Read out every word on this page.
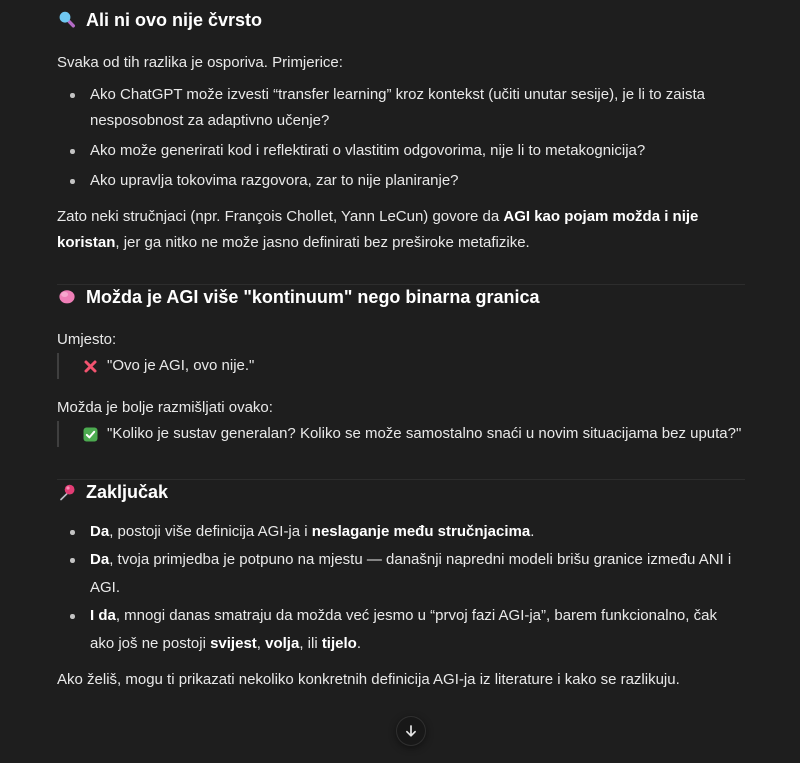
Ali ni ovo nije čvrsto

Svaka od tih razlika je osporiva. Primjerice:

Ako ChatGPT može izvesti “transfer learning” kroz kontekst (učiti unutar sesije), je li to zaista nesposobnost za adaptivno učenje?
Ako može generirati kod i reflektirati o vlastitim odgovorima, nije li to metakognicija?
Ako upravlja tokovima razgovora, zar to nije planiranje?

Zato neki stručnjaci (npr. François Chollet, Yann LeCun) govore da AGI kao pojam možda i nije koristan, jer ga nitko ne može jasno definirati bez preširoke metafizike.

Možda je AGI više "kontinuum" nego binarna granica

Umjesto:

"Ovo je AGI, ovo nije."

Možda je bolje razmišljati ovako:

"Koliko je sustav generalan? Koliko se može samostalno snaći u novim situacijama bez uputa?"
Zaključak
Da, postoji više definicija AGI-ja i neslaganje među stručnjacima.
Da, tvoja primjedba je potpuno na mjestu — današnji napredni modeli brišu granice između ANI i AGI.
I da, mnogi danas smatraju da možda već jesmo u “prvoj fazi AGI-ja”, barem funkcionalno, čak ako još ne postoji svijest, volja, ili tijelo.

Ako želiš, mogu ti prikazati nekoliko konkretnih definicija AGI-ja iz literature i kako se razlikuju.
